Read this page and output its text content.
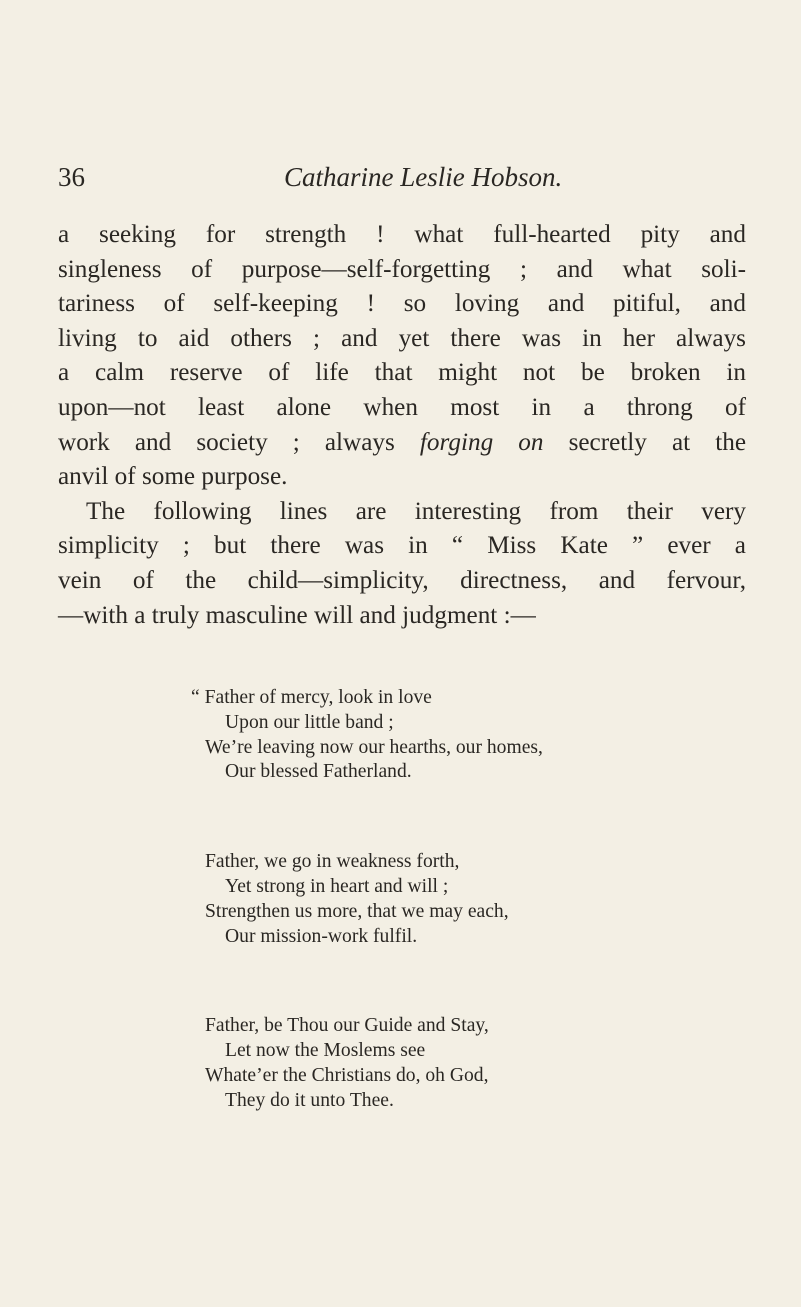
36	Catharine Leslie Hobson.
a seeking for strength ! what full-hearted pity and
singleness of purpose—self-forgetting ; and what soli-
tariness of self-keeping ! so loving and pitiful, and
living to aid others ; and yet there was in her always
a calm reserve of life that might not be broken in
upon—not least alone when most in a throng of
work and society ; always forging on secretly at the
anvil of some purpose.
The following lines are interesting from their very
simplicity ; but there was in “ Miss Kate ” ever a
vein of the child—simplicity, directness, and fervour,
—with a truly masculine will and judgment :—
“ Father of mercy, look in love
Upon our little band ;
We’re leaving now our hearths, our homes,
Our blessed Fatherland.
Father, we go in weakness forth,
Yet strong in heart and will ;
Strengthen us more, that we may each,
Our mission-work fulfil.
Father, be Thou our Guide and Stay,
Let now the Moslems see
Whate’er the Christians do, oh God,
They do it unto Thee.
